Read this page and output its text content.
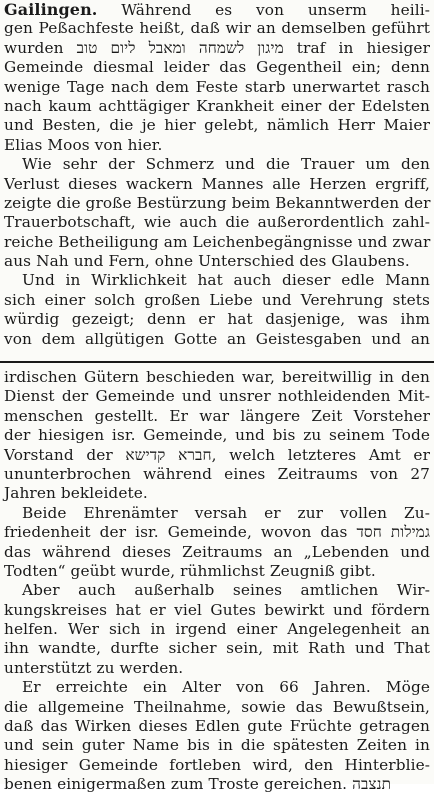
Gailingen. Während es von unserm heili-
gen Peßachfeste heißt, daß wir an demselben geführt
wurden מיגון לשמחה ומאבל ליום טוב traf in hiesiger
Gemeinde diesmal leider das Gegentheil ein; denn
wenige Tage nach dem Feste starb unerwartet rasch
nach kaum achttägiger Krankheit einer der Edelsten
und Besten, die je hier gelebt, nämlich Herr Maier
Elias Moos von hier.
Wie sehr der Schmerz und die Trauer um den
Verlust dieses wackern Mannes alle Herzen ergriff,
zeigte die große Bestürzung beim Bekanntwerden der
Trauerbotschaft, wie auch die außerordentlich zahl-
reiche Betheiligung am Leichenbegängnisse und zwar
aus Nah und Fern, ohne Unterschied des Glaubens.
Und in Wirklichkeit hat auch dieser edle Mann
sich einer solch großen Liebe und Verehrung stets
würdig gezeigt; denn er hat dasjenige, was ihm
von dem allgütigen Gotte an Geistesgaben und an
irdischen Gütern beschieden war, bereitwillig in den
Dienst der Gemeinde und unsrer nothleidenden Mit-
menschen gestellt. Er war längere Zeit Vorsteher
der hiesigen isr. Gemeinde, und bis zu seinem Tode
Vorstand der חברא קדישא, welch letzteres Amt er
ununterbrochen während eines Zeitraums von 27
Jahren bekleidete.
Beide Ehrenämter versah er zur vollen Zu-
friedenheit der isr. Gemeinde, wovon das גמילות חסד
das während dieses Zeitraums an „Lebenden und
Todten“ geübt wurde, rühmlichst Zeugniß gibt.
Aber auch außerhalb seines amtlichen Wir-
kungskreises hat er viel Gutes bewirkt und fördern
helfen. Wer sich in irgend einer Angelegenheit an
ihn wandte, durfte sicher sein, mit Rath und That
unterstützt zu werden.
Er erreichte ein Alter von 66 Jahren. Möge
die allgemeine Theilnahme, sowie das Bewußtsein,
daß das Wirken dieses Edlen gute Früchte getragen
und sein guter Name bis in die spätesten Zeiten in
hiesiger Gemeinde fortleben wird, den Hinterblie-
benen einigermaßen zum Troste gereichen. תנצבה
